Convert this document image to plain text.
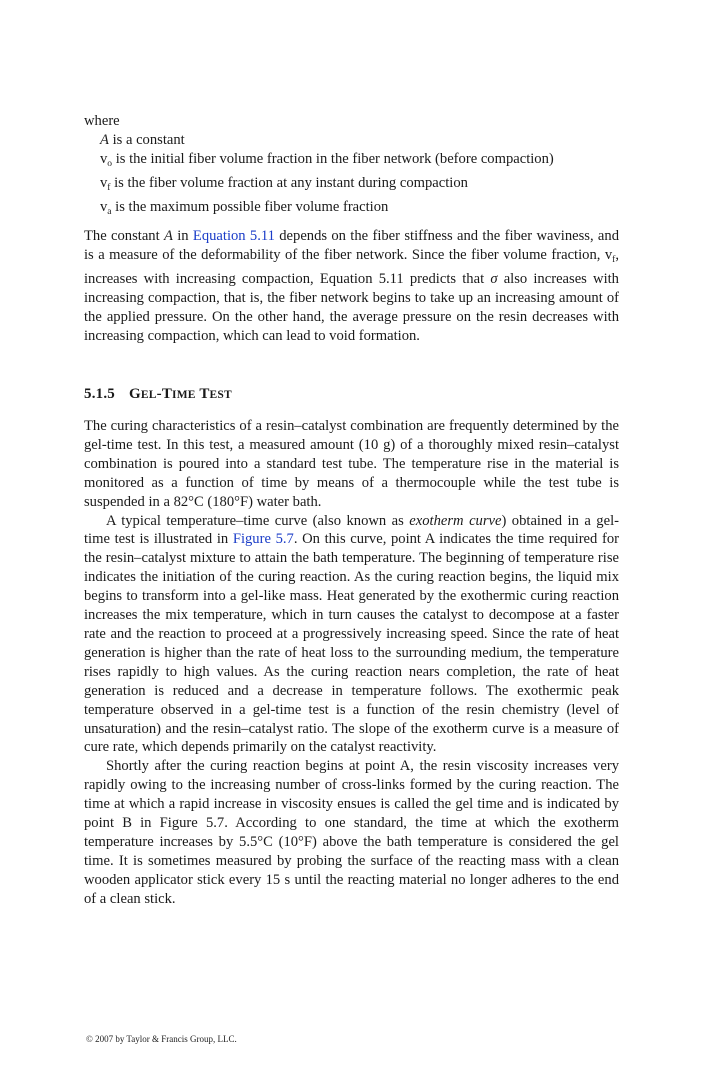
where
A is a constant
$v_o$ is the initial fiber volume fraction in the fiber network (before compaction)
$v_f$ is the fiber volume fraction at any instant during compaction
$v_a$ is the maximum possible fiber volume fraction

The constant A in Equation 5.11 depends on the fiber stiffness and the fiber waviness, and is a measure of the deformability of the fiber network. Since the fiber volume fraction, $v_f$, increases with increasing compaction, Equation 5.11 predicts that σ also increases with increasing compaction, that is, the fiber network begins to take up an increasing amount of the applied pressure. On the other hand, the average pressure on the resin decreases with increasing compaction, which can lead to void formation.

5.1.5 GEL-TIME TEST

The curing characteristics of a resin–catalyst combination are frequently determined by the gel-time test. In this test, a measured amount (10 g) of a thoroughly mixed resin–catalyst combination is poured into a standard test tube. The temperature rise in the material is monitored as a function of time by means of a thermocouple while the test tube is suspended in a 82°C (180°F) water bath.

A typical temperature–time curve (also known as exotherm curve) obtained in a gel-time test is illustrated in Figure 5.7. On this curve, point A indicates the time required for the resin–catalyst mixture to attain the bath temperature. The beginning of temperature rise indicates the initiation of the curing reaction. As the curing reaction begins, the liquid mix begins to transform into a gel-like mass. Heat generated by the exothermic curing reaction increases the mix temperature, which in turn causes the catalyst to decompose at a faster rate and the reaction to proceed at a progressively increasing speed. Since the rate of heat generation is higher than the rate of heat loss to the surrounding medium, the temperature rises rapidly to high values. As the curing reaction nears completion, the rate of heat generation is reduced and a decrease in temperature follows. The exothermic peak temperature observed in a gel-time test is a function of the resin chemistry (level of unsaturation) and the resin–catalyst ratio. The slope of the exotherm curve is a measure of cure rate, which depends primarily on the catalyst reactivity.

Shortly after the curing reaction begins at point A, the resin viscosity increases very rapidly owing to the increasing number of cross-links formed by the curing reaction. The time at which a rapid increase in viscosity ensues is called the gel time and is indicated by point B in Figure 5.7. According to one standard, the time at which the exotherm temperature increases by 5.5°C (10°F) above the bath temperature is considered the gel time. It is sometimes measured by probing the surface of the reacting mass with a clean wooden applicator stick every 15 s until the reacting material no longer adheres to the end of a clean stick.

© 2007 by Taylor & Francis Group, LLC.
